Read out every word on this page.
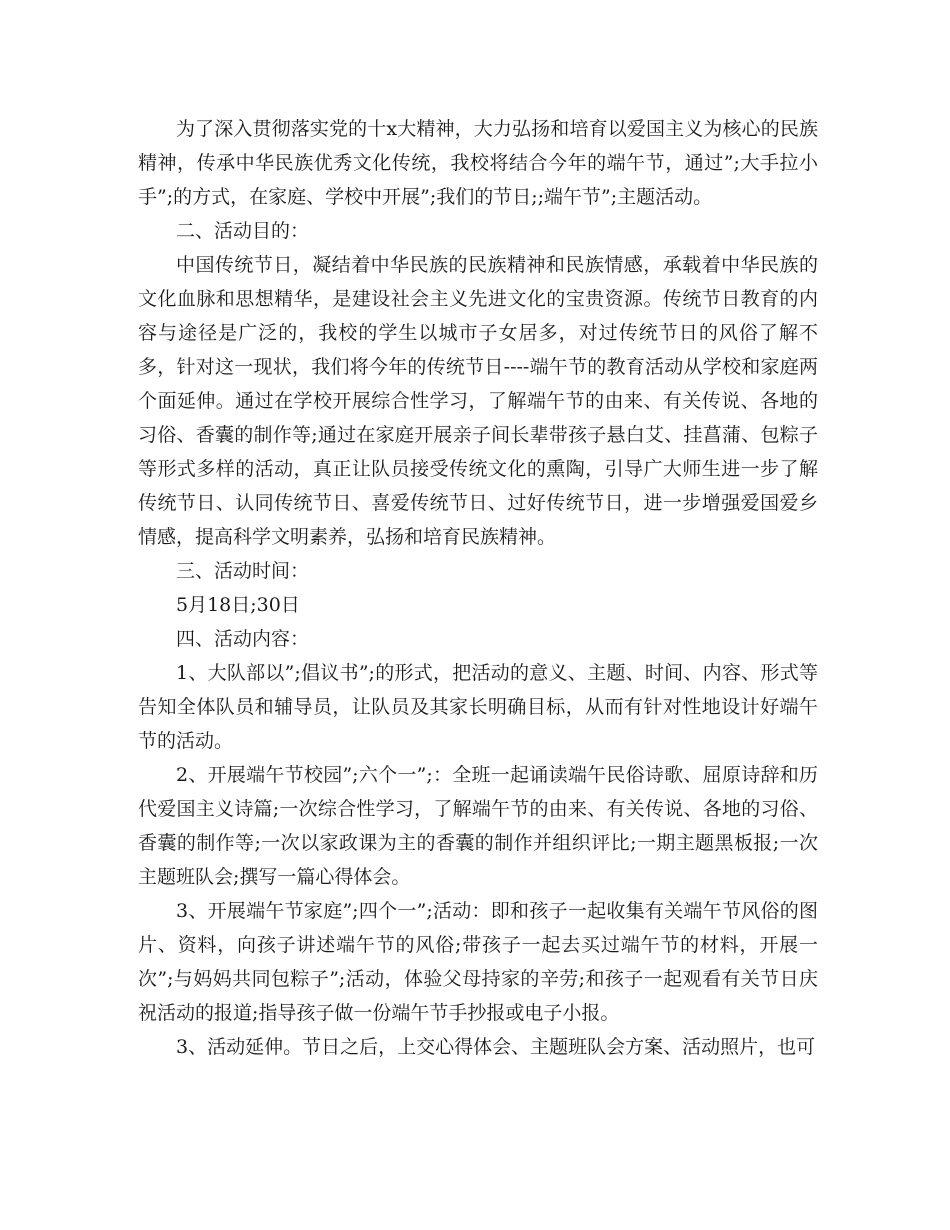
为了深入贯彻落实党的十x大精神，大力弘扬和培育以爱国主义为核心的民族精神，传承中华民族优秀文化传统，我校将结合今年的端午节，通过”;大手拉小手”;的方式，在家庭、学校中开展”;我们的节日;;端午节”;主题活动。

二、活动目的：

中国传统节日，凝结着中华民族的民族精神和民族情感，承载着中华民族的文化血脉和思想精华，是建设社会主义先进文化的宝贵资源。传统节日教育的内容与途径是广泛的，我校的学生以城市子女居多，对过传统节日的风俗了解不多，针对这一现状，我们将今年的传统节日----端午节的教育活动从学校和家庭两个面延伸。通过在学校开展综合性学习，了解端午节的由来、有关传说、各地的习俗、香囊的制作等;通过在家庭开展亲子间长辈带孩子悬白艾、挂菖蒲、包粽子等形式多样的活动，真正让队员接受传统文化的熏陶，引导广大师生进一步了解传统节日、认同传统节日、喜爱传统节日、过好传统节日，进一步增强爱国爱乡情感，提高科学文明素养，弘扬和培育民族精神。

三、活动时间：

5月18日;30日

四、活动内容：

1、大队部以”;倡议书”;的形式，把活动的意义、主题、时间、内容、形式等告知全体队员和辅导员，让队员及其家长明确目标，从而有针对性地设计好端午节的活动。

2、开展端午节校园”;六个一”;：全班一起诵读端午民俗诗歌、屈原诗辞和历代爱国主义诗篇;一次综合性学习，了解端午节的由来、有关传说、各地的习俗、香囊的制作等;一次以家政课为主的香囊的制作并组织评比;一期主题黑板报;一次主题班队会;撰写一篇心得体会。

3、开展端午节家庭”;四个一”;活动：即和孩子一起收集有关端午节风俗的图片、资料，向孩子讲述端午节的风俗;带孩子一起去买过端午节的材料，开展一次”;与妈妈共同包粽子”;活动，体验父母持家的辛劳;和孩子一起观看有关节日庆祝活动的报道;指导孩子做一份端午节手抄报或电子小报。

3、活动延伸。节日之后，上交心得体会、主题班队会方案、活动照片，也可
